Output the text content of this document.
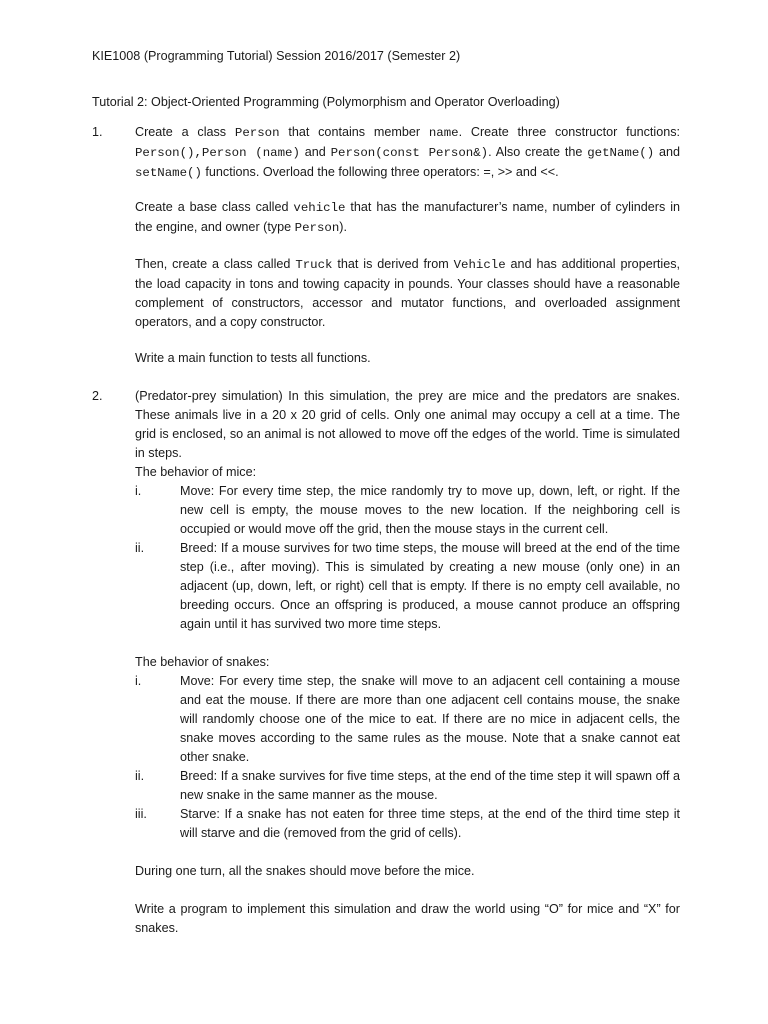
KIE1008 (Programming Tutorial) Session 2016/2017 (Semester 2)
Tutorial 2: Object-Oriented Programming (Polymorphism and Operator Overloading)
1.	Create a class Person that contains member name. Create three constructor functions: Person(),Person (name) and Person(const Person&). Also create the getName() and setName() functions. Overload the following three operators: =, >> and <<.

Create a base class called vehicle that has the manufacturer’s name, number of cylinders in the engine, and owner (type Person).

Then, create a class called Truck that is derived from Vehicle and has additional properties, the load capacity in tons and towing capacity in pounds. Your classes should have a reasonable complement of constructors, accessor and mutator functions, and overloaded assignment operators, and a copy constructor.

Write a main function to tests all functions.

2.	(Predator-prey simulation) In this simulation, the prey are mice and the predators are snakes. These animals live in a 20 x 20 grid of cells. Only one animal may occupy a cell at a time. The grid is enclosed, so an animal is not allowed to move off the edges of the world. Time is simulated in steps.

The behavior of mice:

i.	Move: For every time step, the mice randomly try to move up, down, left, or right. If the new cell is empty, the mouse moves to the new location. If the neighboring cell is occupied or would move off the grid, then the mouse stays in the current cell.

ii.	Breed: If a mouse survives for two time steps, the mouse will breed at the end of the time step (i.e., after moving). This is simulated by creating a new mouse (only one) in an adjacent (up, down, left, or right) cell that is empty. If there is no empty cell available, no breeding occurs. Once an offspring is produced, a mouse cannot produce an offspring again until it has survived two more time steps.

The behavior of snakes:

i.	Move: For every time step, the snake will move to an adjacent cell containing a mouse and eat the mouse. If there are more than one adjacent cell contains mouse, the snake will randomly choose one of the mice to eat. If there are no mice in adjacent cells, the snake moves according to the same rules as the mouse. Note that a snake cannot eat other snake.

ii.	Breed: If a snake survives for five time steps, at the end of the time step it will spawn off a new snake in the same manner as the mouse.

iii.	Starve: If a snake has not eaten for three time steps, at the end of the third time step it will starve and die (removed from the grid of cells).

During one turn, all the snakes should move before the mice.

Write a program to implement this simulation and draw the world using “O” for mice and “X” for snakes.
